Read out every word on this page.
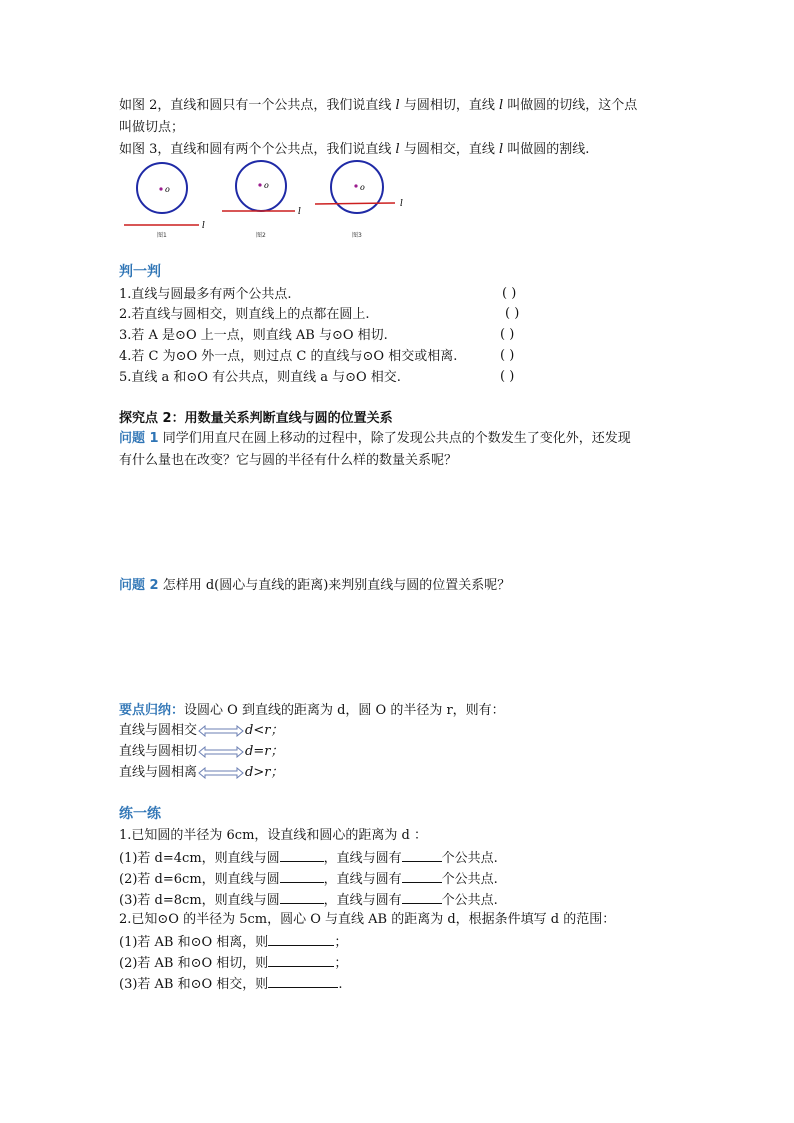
如图 2，直线和圆只有一个公共点，我们说直线 l 与圆相切，直线 l 叫做圆的切线，这个点
叫做切点；
如图 3，直线和圆有两个个公共点，我们说直线 l 与圆相交，直线 l 叫做圆的割线.
o
l
图1
o
l
图2
o
l
图3
判一判
1.直线与圆最多有两个公共点.	( )
2.若直线与圆相交，则直线上的点都在圆上.	( )
3.若 A 是⊙O 上一点，则直线 AB 与⊙O 相切.	( )
4.若 C 为⊙O 外一点，则过点 C 的直线与⊙O 相交或相离.	( )
5.直线 a 和⊙O 有公共点，则直线 a 与⊙O 相交.	( )
探究点 2：用数量关系判断直线与圆的位置关系
问题 1 同学们用直尺在圆上移动的过程中，除了发现公共点的个数发生了变化外，还发现
有什么量也在改变？它与圆的半径有什么样的数量关系呢？
问题 2 怎样用 d(圆心与直线的距离)来判别直线与圆的位置关系呢？
要点归纳：设圆心 O 到直线的距离为 d，圆 O 的半径为 r，则有：
直线与圆相交	d<r；
直线与圆相切	d=r；
直线与圆相离	d>r；
练一练
1.已知圆的半径为 6cm，设直线和圆心的距离为 d ：
(1)若 d=4cm，则直线与圆	，直线与圆有	个公共点.
(2)若 d=6cm，则直线与圆	，直线与圆有	个公共点.
(3)若 d=8cm，则直线与圆	，直线与圆有	个公共点.
2.已知⊙O 的半径为 5cm，圆心 O 与直线 AB 的距离为 d，根据条件填写 d 的范围：
(1)若 AB 和⊙O 相离，则	；
(2)若 AB 和⊙O 相切，则	；
(3)若 AB 和⊙O 相交，则	.
